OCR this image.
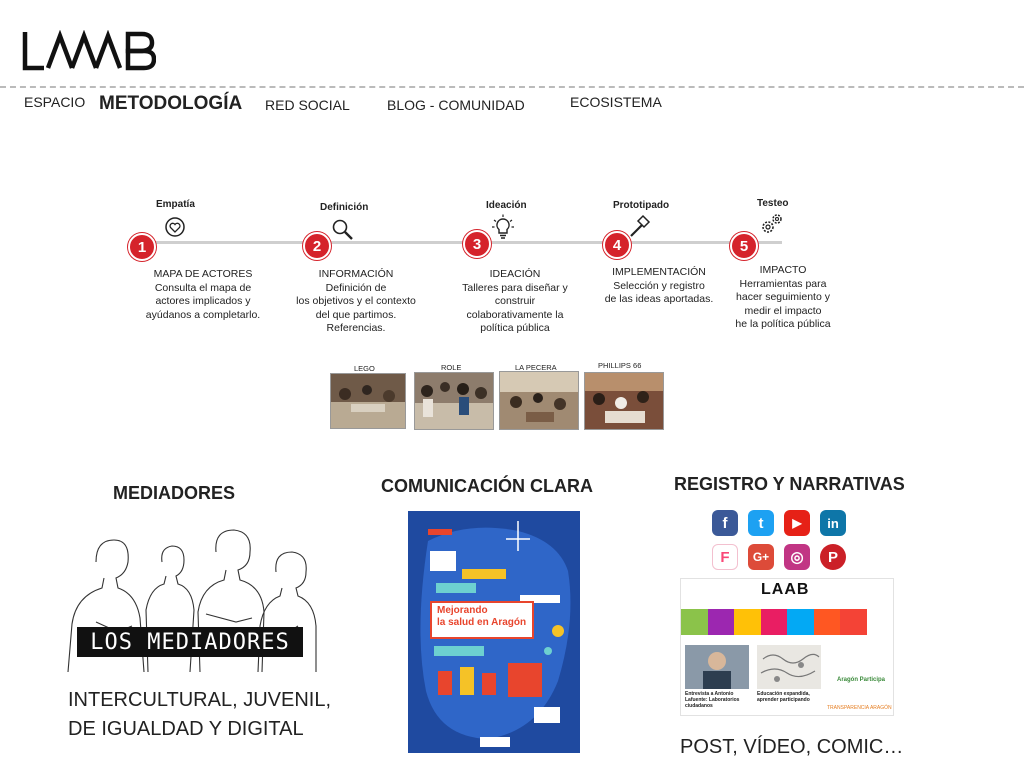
ESPACIO METODOLOGÍA RED SOCIAL	BLOG - COMUNIDAD	ECOSISTEMA
Empatía
1
MAPA DE ACTORES
Consulta el mapa de
actores implicados y
ayúdanos a completarlo.
Definición
2
INFORMACIÓN
Definición de
los objetivos y el contexto
del que partimos.
Referencias.
Ideación
3
IDEACIÓN
Talleres para diseñar y
construir
colaborativamente la
política pública
Prototipado
4
IMPLEMENTACIÓN
Selección y registro
de las ideas aportadas.
Testeo
5
IMPACTO
Herramientas para
hacer seguimiento y
medir el impacto
he la política pública
LEGO	ROLE	LA PECERA	PHILLIPS 66
MEDIADORES
LOS MEDIADORES
INTERCULTURAL, JUVENIL,
DE IGUALDAD Y DIGITAL
COMUNICACIÓN CLARA
Mejorando
la salud en Aragón
REGISTRO Y NARRATIVAS
f	t	▶	in
F	G+	◎	P
LAAB
Entrevista a Antonio Lafuente: Laboratorios ciudadanos
Educación expandida, aprender participando
Aragón Participa
TRANSPARENCIA ARAGÓN
POST, VÍDEO, COMIC…
